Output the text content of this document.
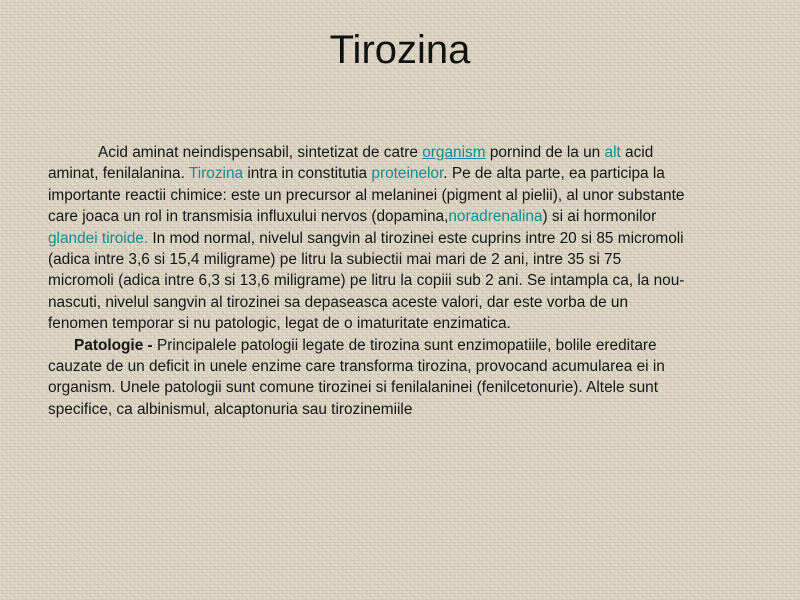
Tirozina

Acid aminat neindispensabil, sintetizat de catre organism pornind de la un alt acid aminat, fenilalanina. Tirozina intra in constitutia proteinelor. Pe de alta parte, ea participa la importante reactii chimice: este un precursor al melaninei (pigment al pielii), al unor substante care joaca un rol in transmisia influxului nervos (dopamina,noradrenalina) si ai hormonilor glandei tiroide. In mod normal, nivelul sangvin al tirozinei este cuprins intre 20 si 85 micromoli (adica intre 3,6 si 15,4 miligrame) pe litru la subiectii mai mari de 2 ani, intre 35 si 75 micromoli (adica intre 6,3 si 13,6 miligrame) pe litru la copiii sub 2 ani. Se intampla ca, la nou-nascuti, nivelul sangvin al tirozinei sa depaseasca aceste valori, dar este vorba de un fenomen temporar si nu patologic, legat de o imaturitate enzimatica.

Patologie - Principalele patologii legate de tirozina sunt enzimopatiile, bolile ereditare cauzate de un deficit in unele enzime care transforma tirozina, provocand acumularea ei in organism. Unele patologii sunt comune tirozinei si fenilalaninei (fenilcetonurie). Altele sunt specifice, ca albinismul, alcaptonuria sau tirozinemiile
